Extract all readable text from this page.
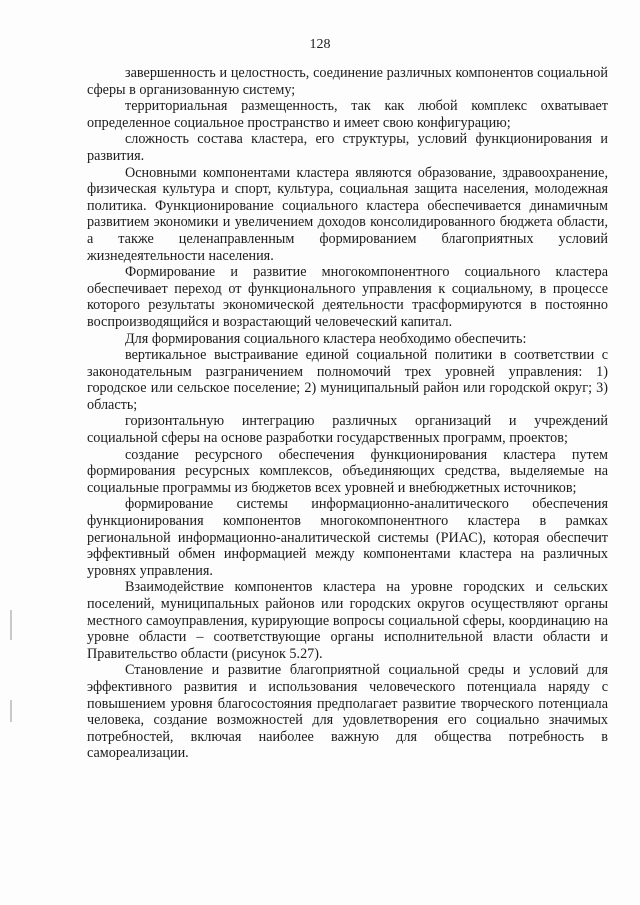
128

завершенность и целостность, соединение различных компонентов социальной сферы в организованную систему;

территориальная размещенность, так как любой комплекс охватывает определенное социальное пространство и имеет свою конфигурацию;

сложность состава кластера, его структуры, условий функционирования и развития.

Основными компонентами кластера являются образование, здравоохранение, физическая культура и спорт, культура, социальная защита населения, молодежная политика. Функционирование социального кластера обеспечивается динамичным развитием экономики и увеличением доходов консолидированного бюджета области, а также целенаправленным формированием благоприятных условий жизнедеятельности населения.

Формирование и развитие многокомпонентного социального кластера обеспечивает переход от функционального управления к социальному, в процессе которого результаты экономической деятельности трасформируются в постоянно воспроизводящийся и возрастающий человеческий капитал.

Для формирования социального кластера необходимо обеспечить:

вертикальное выстраивание единой социальной политики в соответствии с законодательным разграничением полномочий трех уровней управления: 1) городское или сельское поселение; 2) муниципальный район или городской округ; 3) область;

горизонтальную интеграцию различных организаций и учреждений социальной сферы на основе разработки государственных программ, проектов;

создание ресурсного обеспечения функционирования кластера путем формирования ресурсных комплексов, объединяющих средства, выделяемые на социальные программы из бюджетов всех уровней и внебюджетных источников;

формирование системы информационно-аналитического обеспечения функционирования компонентов многокомпонентного кластера в рамках региональной информационно-аналитической системы (РИАС), которая обеспечит эффективный обмен информацией между компонентами кластера на различных уровнях управления.

Взаимодействие компонентов кластера на уровне городских и сельских поселений, муниципальных районов или городских округов осуществляют органы местного самоуправления, курирующие вопросы социальной сферы, координацию на уровне области – соответствующие органы исполнительной власти области и Правительство области (рисунок 5.27).

Становление и развитие благоприятной социальной среды и условий для эффективного развития и использования человеческого потенциала наряду с повышением уровня благосостояния предполагает развитие творческого потенциала человека, создание возможностей для удовлетворения его социально значимых потребностей, включая наиболее важную для общества потребность в самореализации.
